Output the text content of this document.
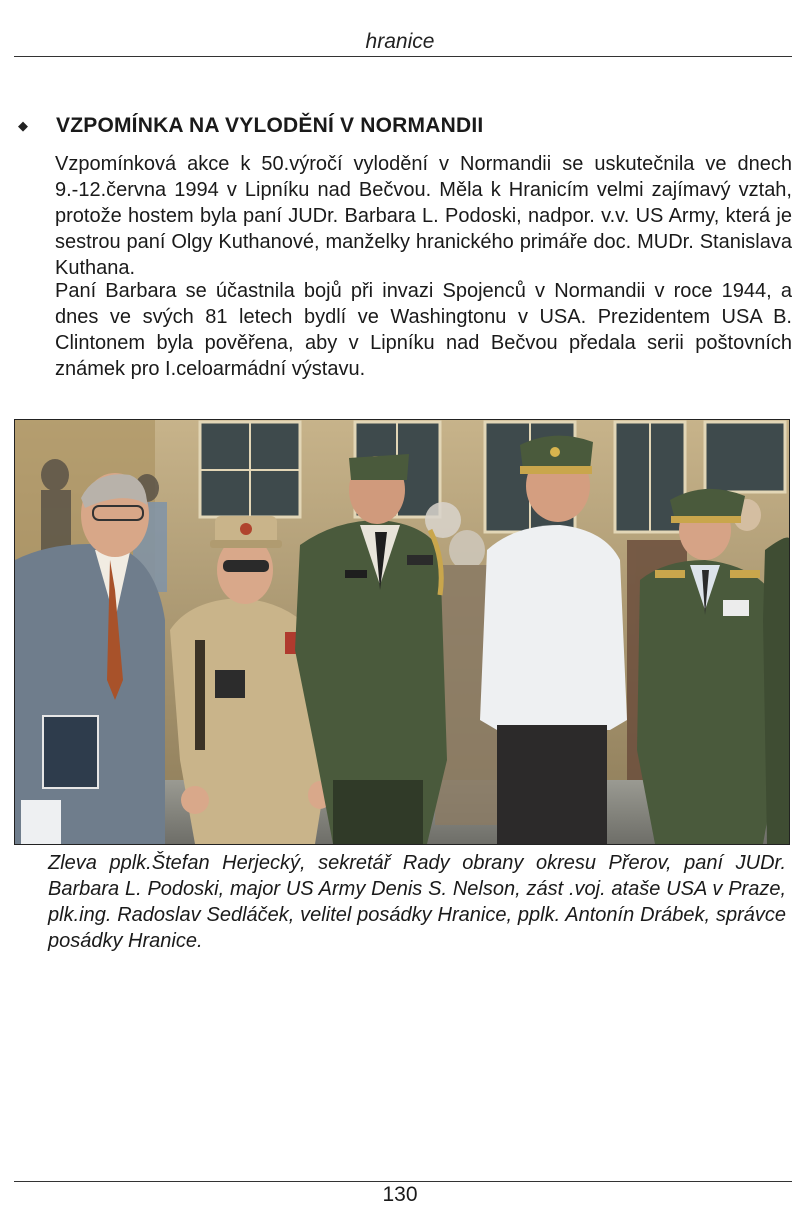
hranice
◆ VZPOMÍNKA NA VYLODĚNÍ V NORMANDII

Vzpomínková akce k 50.výročí vylodění v Normandii se uskutečnila ve dnech 9.-12.června 1994 v Lipníku nad Bečvou. Měla k Hranicím velmi zajímavý vztah, protože hostem byla paní JUDr. Barbara L. Podoski, nadpor. v.v. US Army, která je sestrou paní Olgy Kuthanové, manželky hranického primáře doc. MUDr. Stanislava Kuthana.

Paní Barbara se účastnila bojů při invazi Spojenců v Normandii v roce 1944, a dnes ve svých 81 letech bydlí ve Washingtonu v USA. Prezidentem USA B. Clintonem byla pověřena, aby v Lipníku nad Bečvou předala serii poštovních známek pro I.celoarmádní výstavu.

Zleva pplk.Štefan Herjecký, sekretář Rady obrany okresu Přerov, paní JUDr. Barbara L. Podoski, major US Army Denis S. Nelson, zást .voj. atašе USA v Praze, plk.ing. Radoslav Sedláček, velitel posádky Hranice, pplk. Antonín Drábek, správce posádky Hranice.

130
